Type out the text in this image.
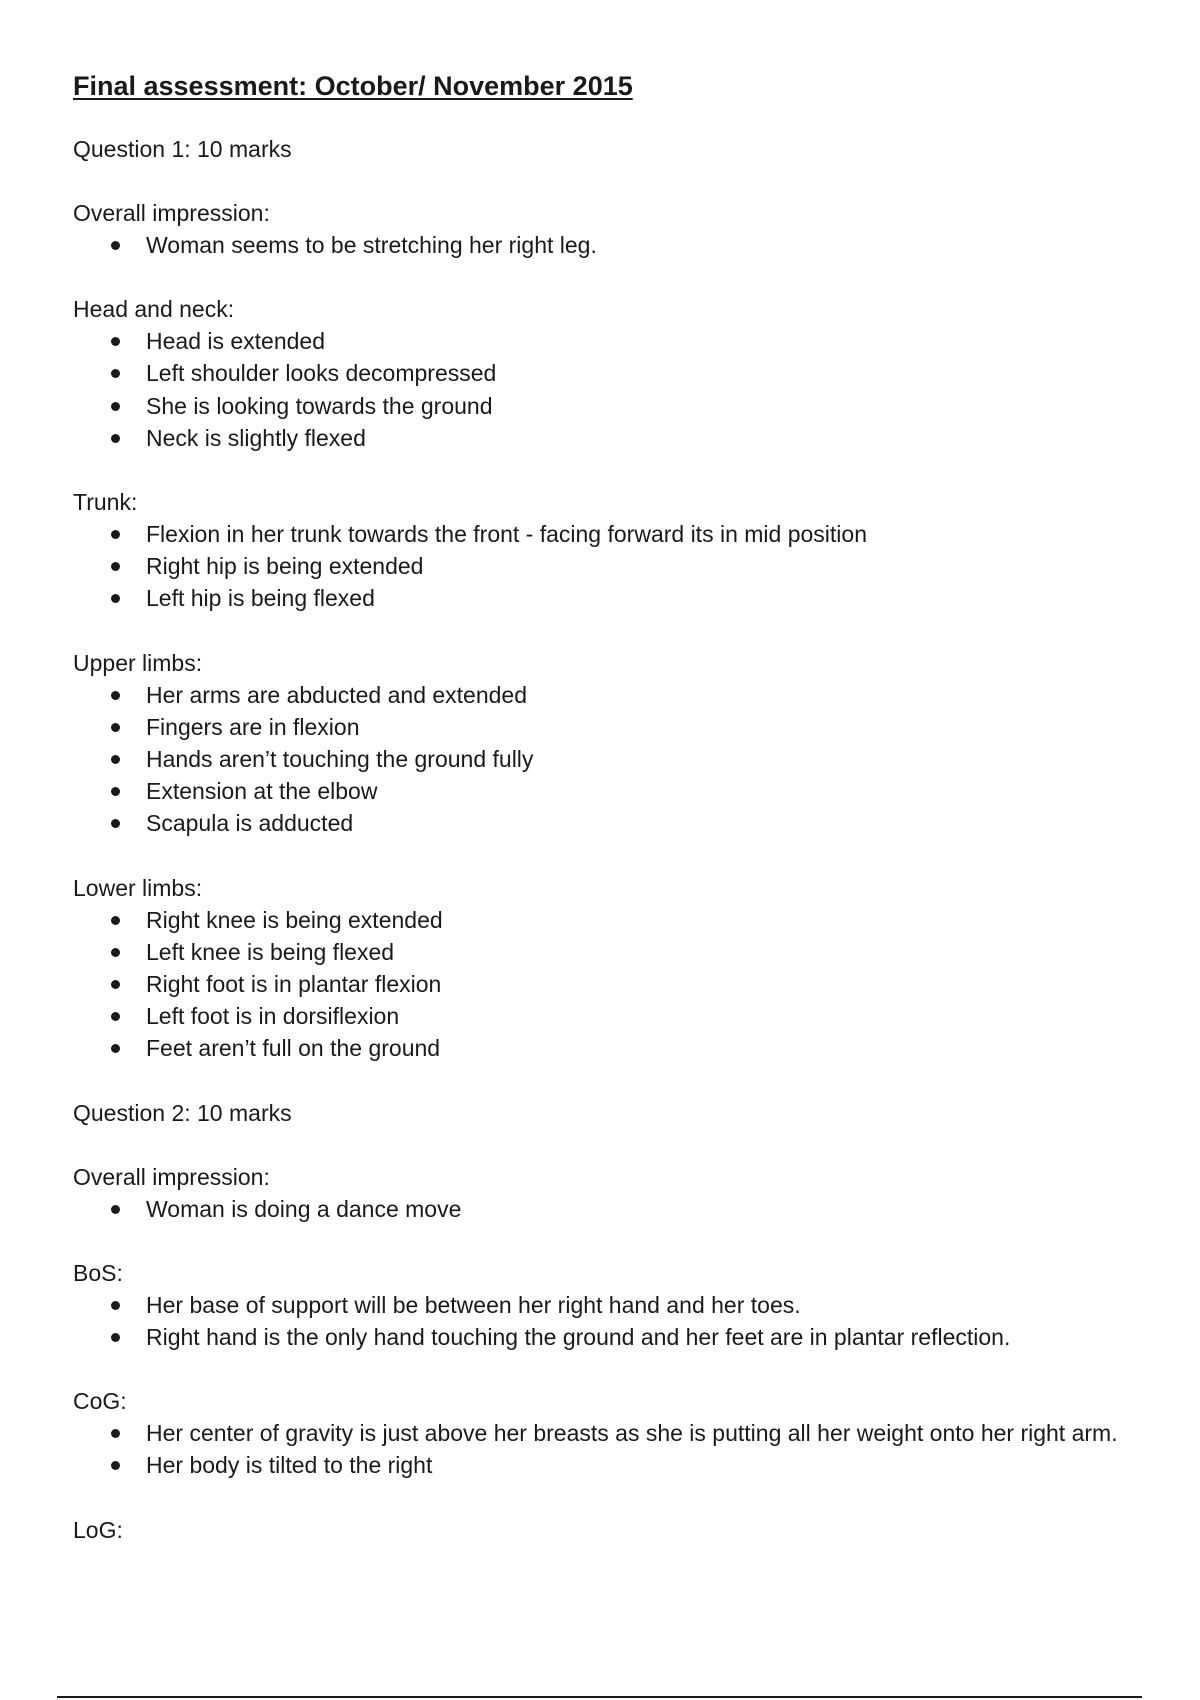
Final assessment: October/ November 2015

Question 1: 10 marks

Overall impression:

Woman seems to be stretching her right leg.

Head and neck:

Head is extended
Left shoulder looks decompressed
She is looking towards the ground
Neck is slightly flexed

Trunk:

Flexion in her trunk towards the front - facing forward its in mid position
Right hip is being extended
Left hip is being flexed

Upper limbs:

Her arms are abducted and extended
Fingers are in flexion
Hands aren’t touching the ground fully
Extension at the elbow
Scapula is adducted

Lower limbs:

Right knee is being extended
Left knee is being flexed
Right foot is in plantar flexion
Left foot is in dorsiflexion
Feet aren’t full on the ground

Question 2: 10 marks

Overall impression:

Woman is doing a dance move

BoS:

Her base of support will be between her right hand and her toes.
Right hand is the only hand touching the ground and her feet are in plantar reflection.

CoG:

Her center of gravity is just above her breasts as she is putting all her weight onto her right arm.
Her body is tilted to the right

LoG:
